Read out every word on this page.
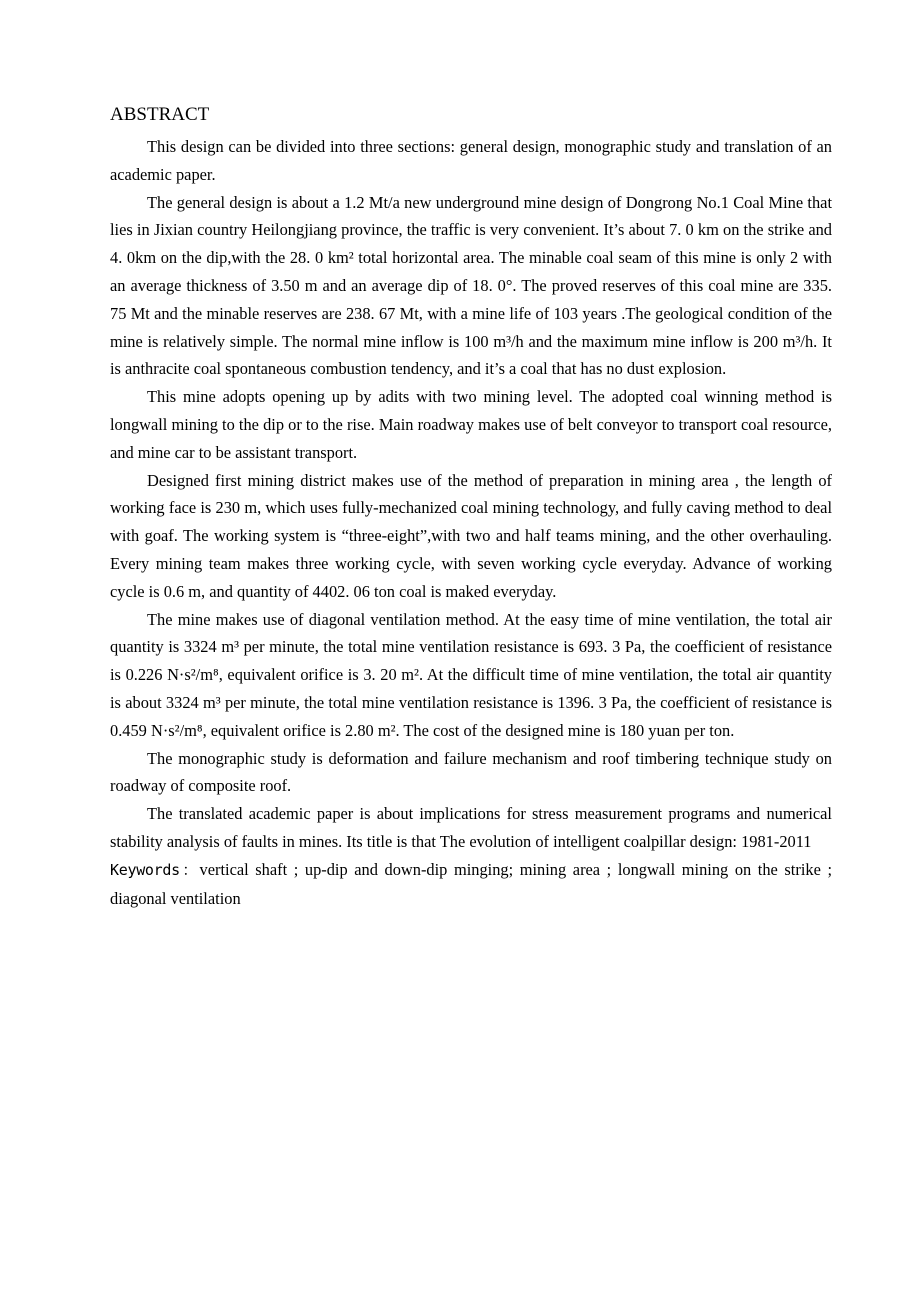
ABSTRACT

This design can be divided into three sections: general design, monographic study and translation of an academic paper.

The general design is about a 1.2 Mt/a new underground mine design of Dongrong No.1 Coal Mine that lies in Jixian country Heilongjiang province, the traffic is very convenient. It’s about 7. 0 km on the strike and 4. 0km on the dip,with the 28. 0 km² total horizontal area. The minable coal seam of this mine is only 2 with an average thickness of 3.50 m and an average dip of 18. 0°. The proved reserves of this coal mine are 335. 75 Mt and the minable reserves are 238. 67 Mt, with a mine life of 103 years .The geological condition of the mine is relatively simple. The normal mine inflow is 100 m³/h and the maximum mine inflow is 200 m³/h. It is anthracite coal spontaneous combustion tendency, and it’s a coal that has no dust explosion.

This mine adopts opening up by adits with two mining level. The adopted coal winning method is longwall mining to the dip or to the rise. Main roadway makes use of belt conveyor to transport coal resource, and mine car to be assistant transport.

Designed first mining district makes use of the method of preparation in mining area , the length of working face is 230 m, which uses fully-mechanized coal mining technology, and fully caving method to deal with goaf. The working system is “three-eight”,with two and half teams mining, and the other overhauling. Every mining team makes three working cycle, with seven working cycle everyday. Advance of working cycle is 0.6 m, and quantity of 4402. 06 ton coal is maked everyday.

The mine makes use of diagonal ventilation method. At the easy time of mine ventilation, the total air quantity is 3324 m³ per minute, the total mine ventilation resistance is 693. 3 Pa, the coefficient of resistance is 0.226 N·s²/m⁸, equivalent orifice is 3. 20 m². At the difficult time of mine ventilation, the total air quantity is about 3324 m³ per minute, the total mine ventilation resistance is 1396. 3 Pa, the coefficient of resistance is 0.459 N·s²/m⁸, equivalent orifice is 2.80 m². The cost of the designed mine is 180 yuan per ton.

The monographic study is deformation and failure mechanism and roof timbering technique study on roadway of composite roof.

The translated academic paper is about implications for stress measurement programs and numerical stability analysis of faults in mines. Its title is that The evolution of intelligent coalpillar design: 1981-2011

Keywords：vertical shaft ; up-dip and down-dip minging; mining area ; longwall mining on the strike ; diagonal ventilation
